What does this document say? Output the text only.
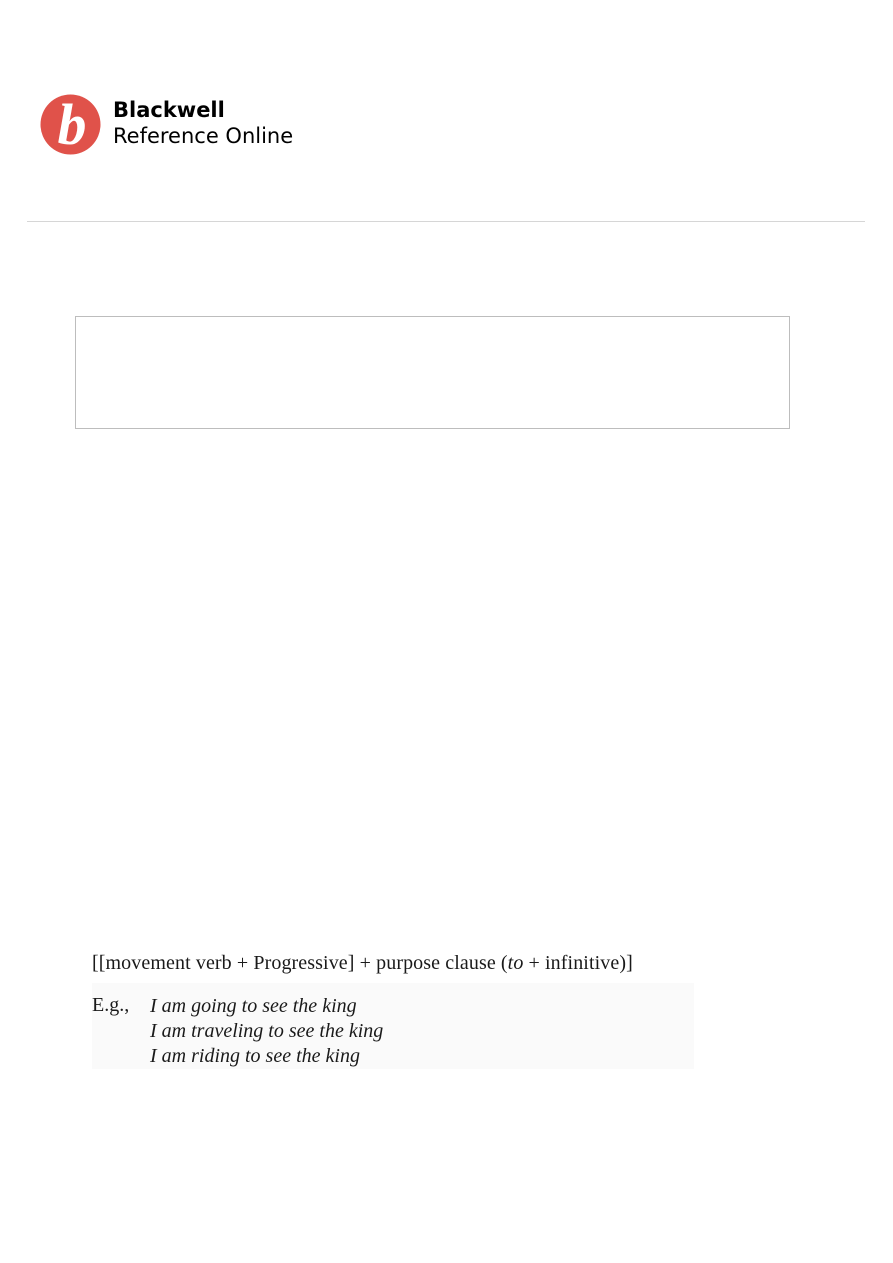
b Blackwell
Reference Online
[[movement verb + Progressive] + purpose clause (to + infinitive)]
E.g., I am going to see the king
I am traveling to see the king
I am riding to see the king
